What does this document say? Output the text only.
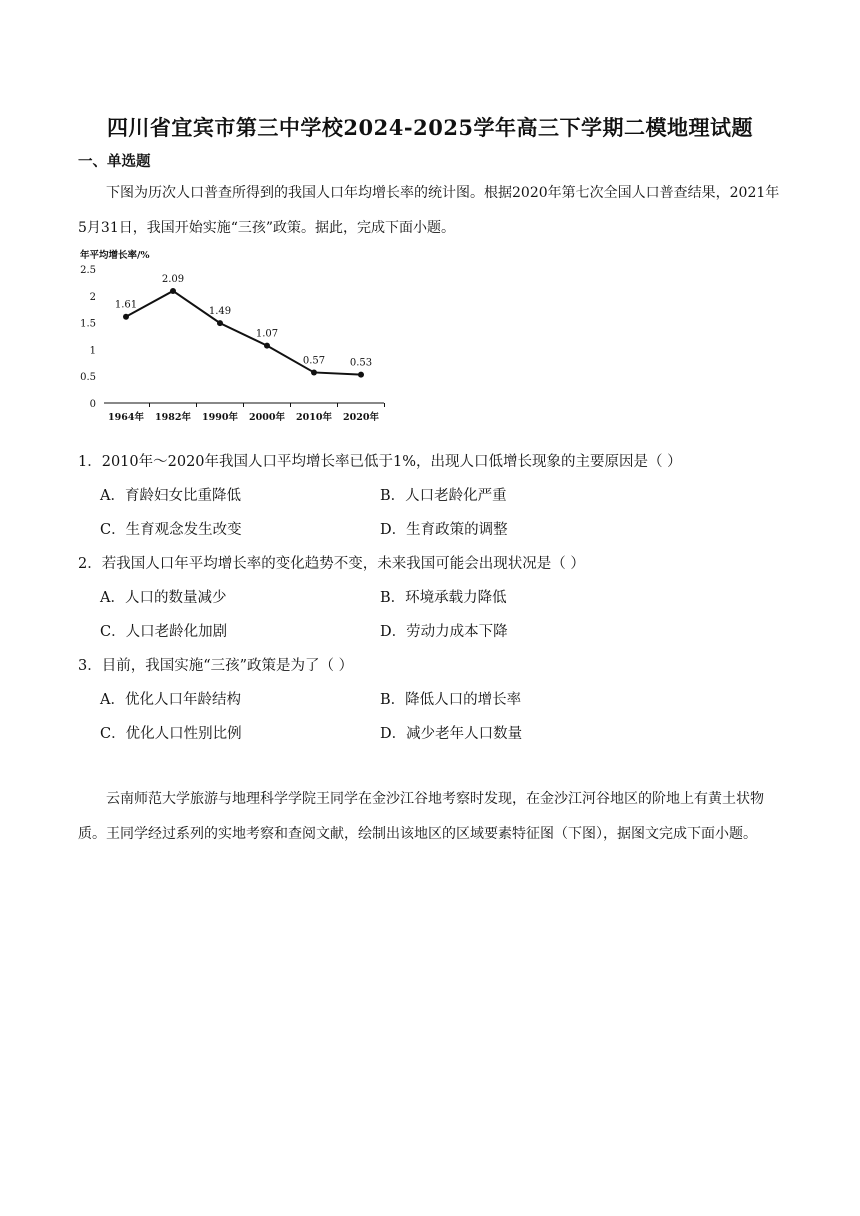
四川省宜宾市第三中学校2024-2025学年高三下学期二模地理试题
一、单选题

下图为历次人口普查所得到的我国人口年均增长率的统计图。根据2020年第七次全国人口普查结果，2021年5月31日，我国开始实施“三孩”政策。据此，完成下面小题。

年平均增长率/%
2.5
2
1.5
1
0.5
0
1964年 1982年 1990年 2000年 2010年 2020年
1.61
2.09
1.49
1.07
0.57 0.53
1．2010年～2020年我国人口平均增长率已低于1%，出现人口低增长现象的主要原因是（ ）
A．育龄妇女比重降低	B．人口老龄化严重
C．生育观念发生改变	D．生育政策的调整
2．若我国人口年平均增长率的变化趋势不变，未来我国可能会出现状况是（ ）
A．人口的数量减少	B．环境承载力降低
C．人口老龄化加剧	D．劳动力成本下降
3．目前，我国实施“三孩”政策是为了（ ）
A．优化人口年龄结构	B．降低人口的增长率
C．优化人口性别比例	D．减少老年人口数量

云南师范大学旅游与地理科学学院王同学在金沙江谷地考察时发现，在金沙江河谷地区的阶地上有黄土状物质。王同学经过系列的实地考察和查阅文献，绘制出该地区的区域要素特征图（下图），据图文完成下面小题。
